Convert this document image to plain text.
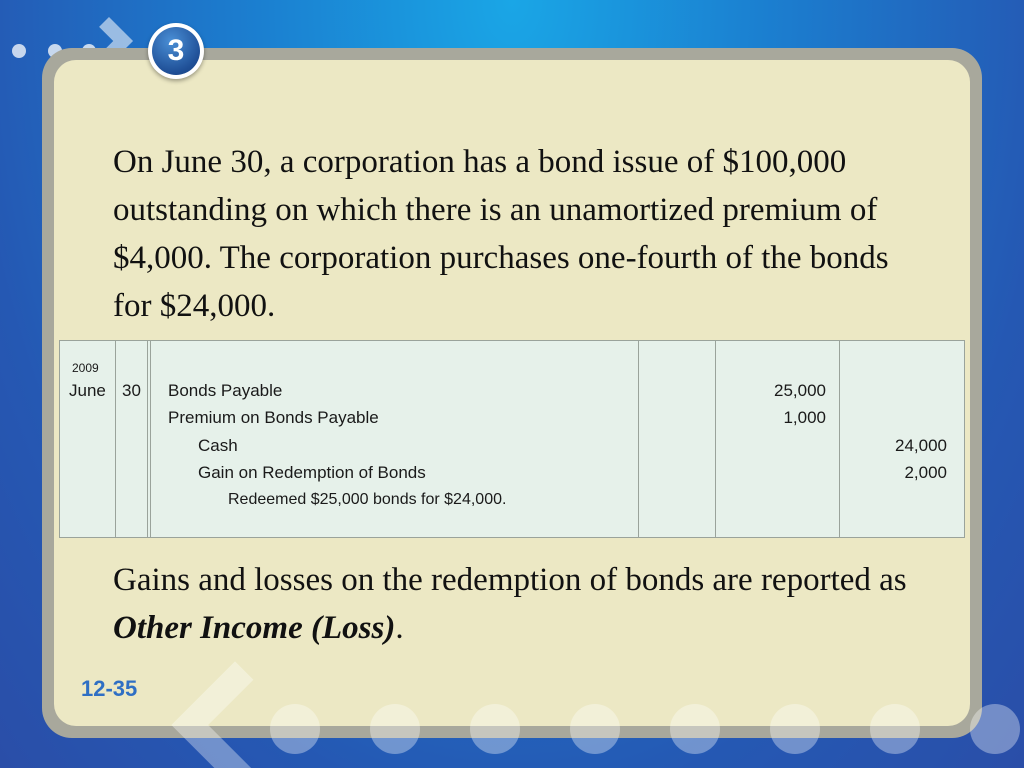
3
On June 30, a corporation has a bond issue of $100,000 outstanding on which there is an unamortized premium of $4,000. The corporation purchases one-fourth of the bonds for $24,000.
2009
June 30 Bonds Payable
Premium on Bonds Payable
Cash
Gain on Redemption of Bonds
Redeemed $25,000 bonds for $24,000.
25,000
1,000
24,000
2,000
Gains and losses on the redemption of bonds are reported as Other Income (Loss).
12-35
